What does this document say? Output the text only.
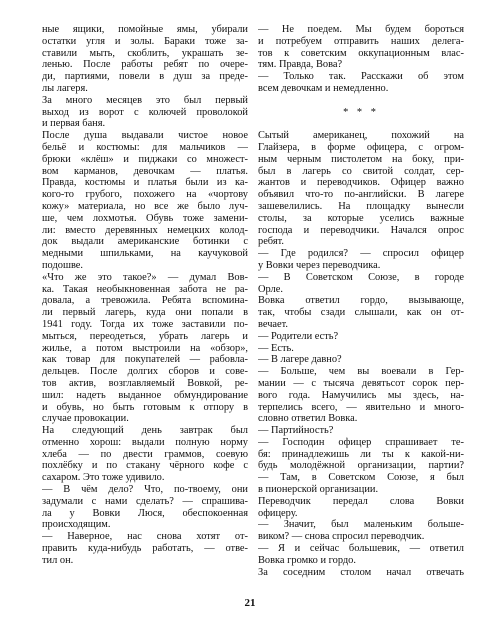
ные ящики, помойные ямы, убирали
остатки угля и золы. Бараки тоже за-
ставили мыть, скоблить, украшать зе-
ленью. После работы ребят по очере-
ди, партиями, повели в душ за преде-
лы лагеря.
За много месяцев это был первый
выход из ворот с колючей проволокой
и первая баня.
После душа выдавали чистое новое
бельё и костюмы: для мальчиков —
брюки «клёш» и пиджаки со множест-
вом карманов, девочкам — платья.
Правда, костюмы и платья были из ка-
кого-то грубого, похожего на «чортову
кожу» материала, но все же было луч-
ше, чем лохмотья. Обувь тоже замени-
ли: вместо деревянных немецких колод-
док выдали американские ботинки с
медными шпильками, на каучуковой
подошве.
«Что же это такое?» — думал Вов-
ка. Такая необыкновенная забота не ра-
довала, а тревожила. Ребята вспомина-
ли первый лагерь, куда они попали в
1941 году. Тогда их тоже заставили по-
мыться, переодеться, убрать лагерь и
жилье, а потом выстроили на «обзор»,
как товар для покупателей — рабовла-
дельцев. После долгих сборов и сове-
тов актив, возглавляемый Вовкой, ре-
шил: надеть выданное обмундирование
и обувь, но быть готовым к отпору в
случае провокации.
На следующий день завтрак был
отменно хорош: выдали полную норму
хлеба — по двести граммов, соевую
похлёбку и по стакану чёрного кофе с
сахаром. Это тоже удивило.
— В чём дело? Что, по-твоему, они
задумали с нами сделать? — спрашива-
ла у Вовки Люся, обеспокоенная
происходящим.
— Наверное, нас снова хотят от-
править куда-нибудь работать, — отве-
тил он.
— Не поедем. Мы будем бороться
и потребуем отправить наших делега-
тов к советским оккупационным влас-
тям. Правда, Вова?
— Только так. Расскажи об этом
всем девочкам и немедленно.
* * *
Сытый американец, похожий на
Глайзера, в форме офицера, с огром-
ным черным пистолетом на боку, при-
был в лагерь со свитой солдат, сер-
жантов и переводчиков. Офицер важно
объявил что-то по-английски. В лагере
зашевелились. На площадку вынесли
столы, за которые уселись важные
господа и переводчики. Начался опрос
ребят.
— Где родился? — спросил офицер
у Вовки через переводчика.
— В Советском Союзе, в городе
Орле.
Вовка ответил гордо, вызывающе,
так, чтобы сзади слышали, как он от-
вечает.
— Родители есть?
— Есть.
— В лагере давно?
— Больше, чем вы воевали в Гер-
мании — с тысяча девятьсот сорок пер-
вого года. Намучились мы здесь, на-
терпелись всего, — явительно и много-
словно ответил Вовка.
— Партийность?
— Господин офицер спрашивает те-
бя: принадлежишь ли ты к какой-ни-
будь молодёжной организации, партии?
— Там, в Советском Союзе, я был
в пионерской организации.
Переводчик передал слова Вовки
офицеру.
— Значит, был маленьким больше-
виком? — снова спросил переводчик.
— Я и сейчас большевик, — ответил
Вовка громко и гордо.
За соседним столом начал отвечать
21
